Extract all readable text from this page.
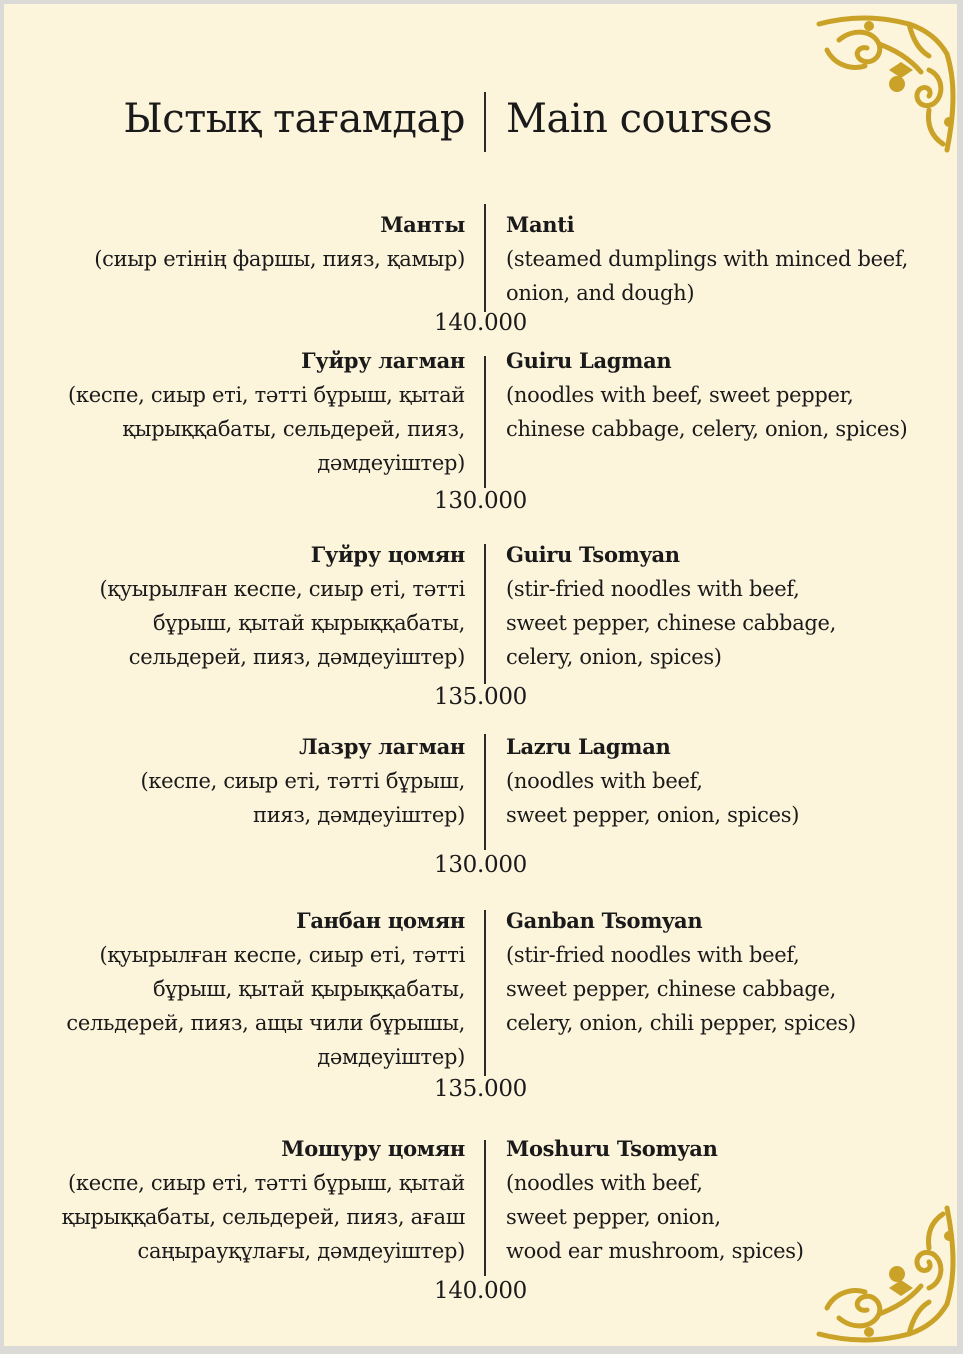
Ыстық тағамдар Main courses
Манты
(сиыр етінің фаршы, пияз, қамыр)
Manti
(steamed dumplings with minced beef,
onion, and dough)
140.000
Гуйру лагман
(кеспе, сиыр еті, тәтті бұрыш, қытай
қырыққабаты, сельдерей, пияз,
дәмдеуіштер)
Guiru Lagman
(noodles with beef, sweet pepper,
chinese cabbage, celery, onion, spices)
130.000
Гуйру цомян
(қуырылған кеспе, сиыр еті, тәтті
бұрыш, қытай қырыққабаты,
сельдерей, пияз, дәмдеуіштер)
Guiru Tsomyan
(stir-fried noodles with beef,
sweet pepper, chinese cabbage,
celery, onion, spices)
135.000
Лазру лагман
(кеспе, сиыр еті, тәтті бұрыш,
пияз, дәмдеуіштер)
Lazru Lagman
(noodles with beef,
sweet pepper, onion, spices)
130.000
Ганбан цомян
(қуырылған кеспе, сиыр еті, тәтті
бұрыш, қытай қырыққабаты,
сельдерей, пияз, ащы чили бұрышы,
дәмдеуіштер)
Ganban Tsomyan
(stir-fried noodles with beef,
sweet pepper, chinese cabbage,
celery, onion, chili pepper, spices)
135.000
Мошуру цомян
(кеспе, сиыр еті, тәтті бұрыш, қытай
қырыққабаты, сельдерей, пияз, ағаш
саңырауқұлағы, дәмдеуіштер)
Moshuru Tsomyan
(noodles with beef,
sweet pepper, onion,
wood ear mushroom, spices)
140.000
